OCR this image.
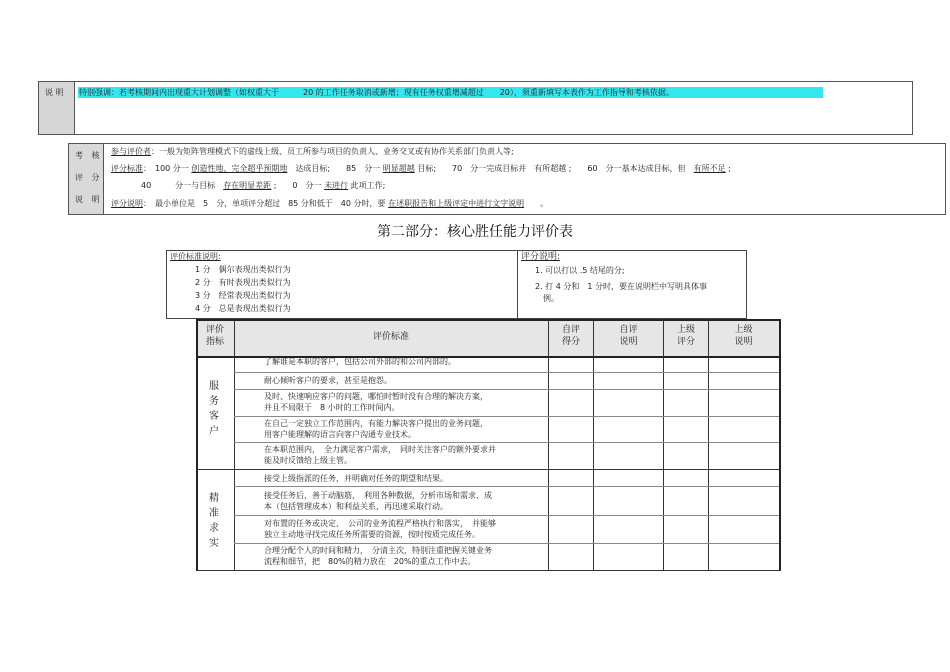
说 明 特别强调：若考核期间内出现重大计划调整（如权重大于　　　20 的工作任务取消或新增；现有任务权重增减超过　　20），须重新填写本表作为工作指导和考核依据。
考 核
评 分
说 明
参与评价者：一般为矩阵管理模式下的虚线上级、员工所参与项目的负责人、业务交叉或有协作关系部门负责人等;
评分标准：　100 分一 创造性地、完全超乎预期地　达成目标;　　85　分一 明显超越 目标;　　70　分一完成目标并　有所超越 ;　　60　分一基本达成目标，但　有所不足 ;
40　　　分一与目标　存在明显差距 ;　　0　分一 未进行 此项工作;
评分说明：　最小单位是　5　分，单项评分超过　85 分和低于　40 分时，要 在述职报告和上级评定中进行文字说明　　。
第二部分：核心胜任能力评价表
评价标准说明:
1 分　偶尔表现出类似行为
2 分　有时表现出类似行为
3 分　经常表现出类似行为
4 分　总是表现出类似行为
评分说明:
1. 可以打以 .5 结尾的分;
2. 打 4 分和　1 分时，要在说明栏中写明具体事
　例。
评价
指标	评价标准
自评
得分
自评
说明
上级
评分
上级
说明
服
务
客
户
了解谁是本职的客户，包括公司外部的和公司内部的。
耐心倾听客户的要求，甚至是抱怨。
及时、快速响应客户的问题，哪怕时暂时没有合理的解决方案，
并且不局限于　8 小时的工作时间内。
在自己一定独立工作范围内，有能力解决客户提出的业务问题，
用客户能理解的语言向客户沟通专业技术。
在本职范围内，　全力满足客户需求，　同时关注客户的额外要求并
能及时反馈给上级主管。
精
准
求
实
接受上级指派的任务，并明确对任务的期望和结果。
接受任务后，善于动脑筋，　利用各种数据，分析市场和需求、成
本（包括管理成本）和利益关系，再迅速采取行动。
对布置的任务或决定、　公司的业务流程严格执行和落实，　并能够
独立主动地寻找完成任务所需要的资源，按时按质完成任务。
合理分配个人的时间和精力，　分清主次，特别注重把握关键业务
流程和细节，把　80%的精力放在　20%的重点工作中去。
